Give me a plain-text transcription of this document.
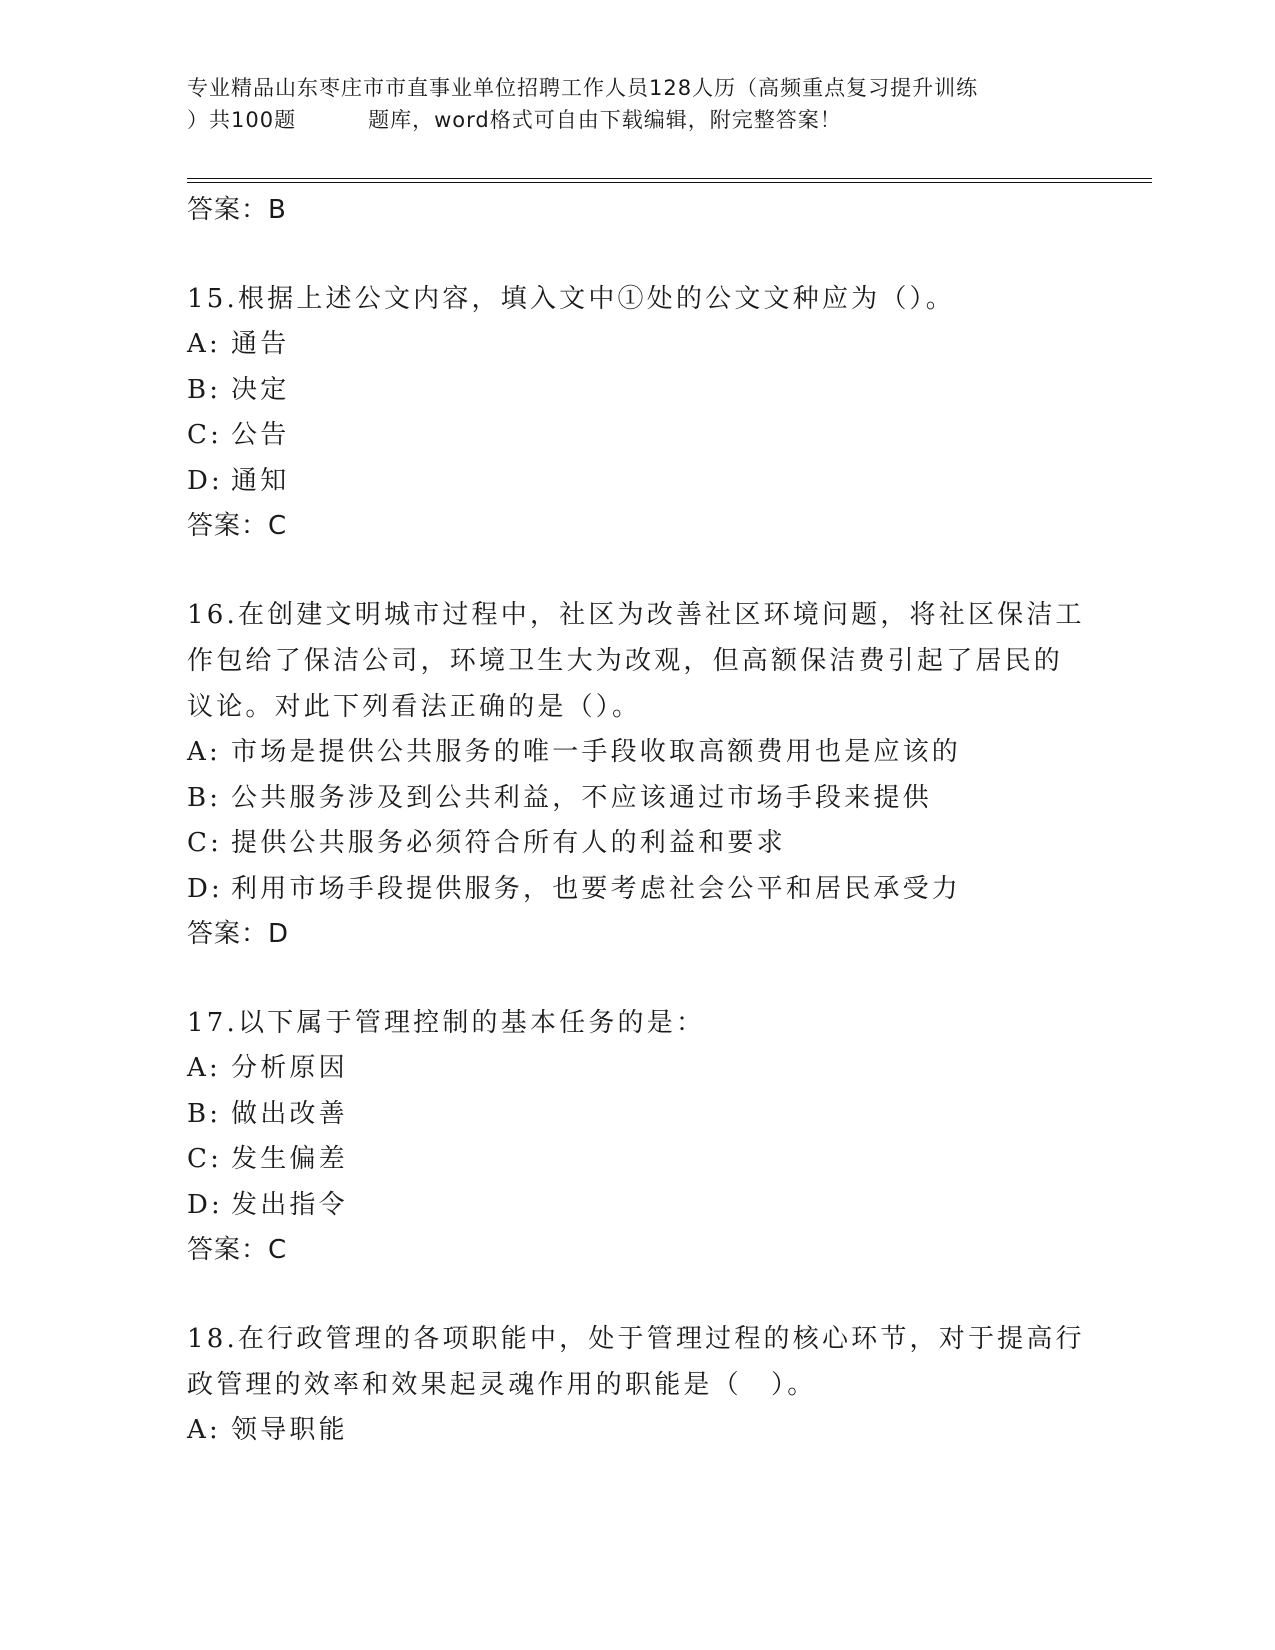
专业精品山东枣庄市市直事业单位招聘工作人员128人历（高频重点复习提升训练
）共100题	题库，word格式可自由下载编辑，附完整答案！
答案：B
15.根据上述公文内容，填入文中①处的公文文种应为（）。
A: 通告
B: 决定
C: 公告
D: 通知
答案：C
16.在创建文明城市过程中，社区为改善社区环境问题，将社区保洁工
作包给了保洁公司，环境卫生大为改观，但高额保洁费引起了居民的
议论。对此下列看法正确的是（）。
A: 市场是提供公共服务的唯一手段收取高额费用也是应该的
B: 公共服务涉及到公共利益，不应该通过市场手段来提供
C: 提供公共服务必须符合所有人的利益和要求
D: 利用市场手段提供服务，也要考虑社会公平和居民承受力
答案：D
17.以下属于管理控制的基本任务的是：
A: 分析原因
B: 做出改善
C: 发生偏差
D: 发出指令
答案：C
18.在行政管理的各项职能中，处于管理过程的核心环节，对于提高行
政管理的效率和效果起灵魂作用的职能是（　）。
A: 领导职能
